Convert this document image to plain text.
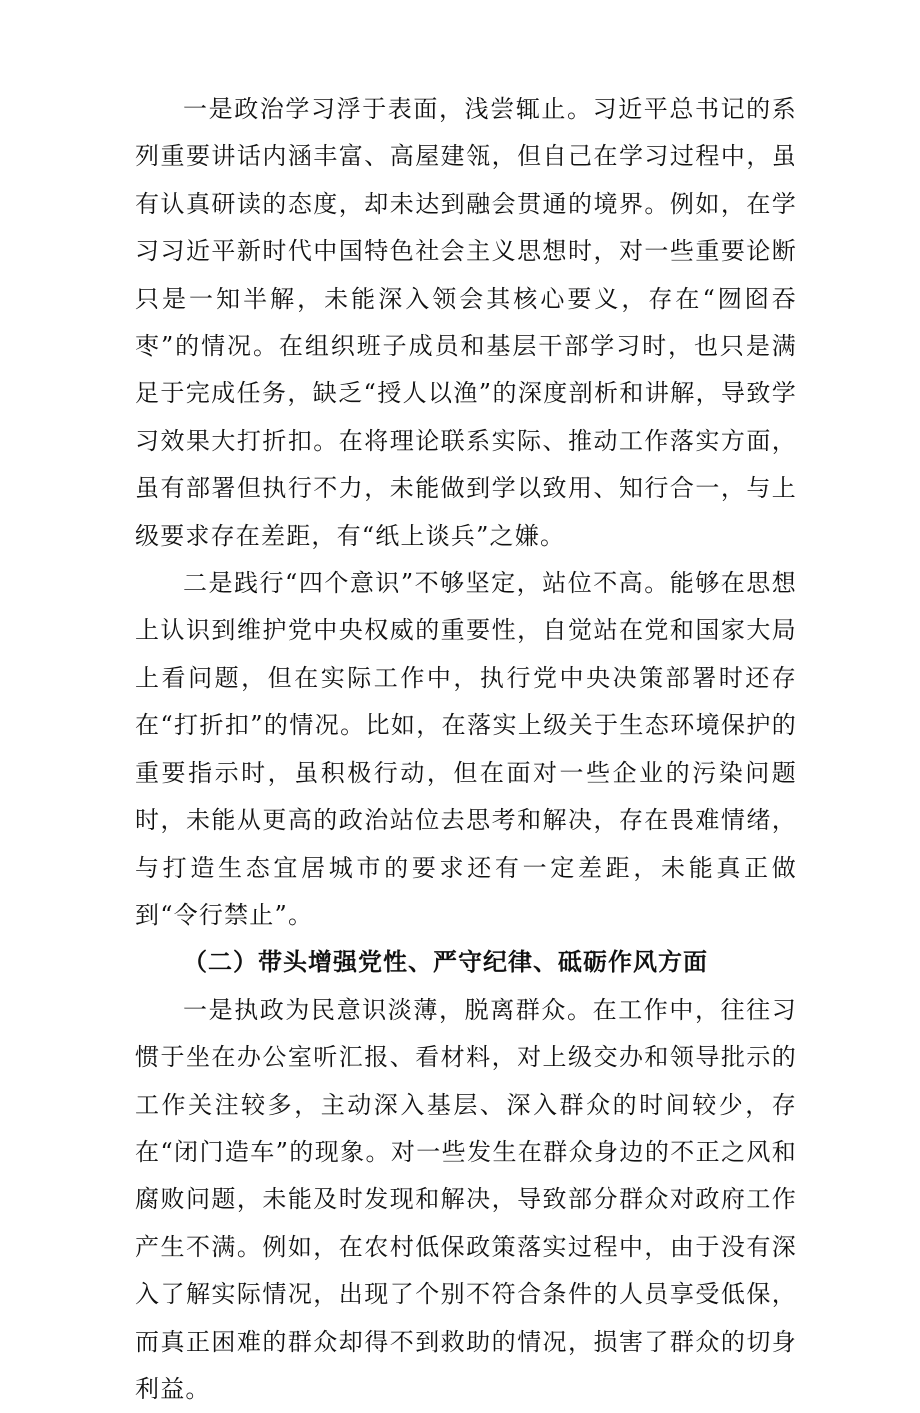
一是政治学习浮于表面，浅尝辄止。习近平总书记的系列重要讲话内涵丰富、高屋建瓴，但自己在学习过程中，虽有认真研读的态度，却未达到融会贯通的境界。例如，在学习习近平新时代中国特色社会主义思想时，对一些重要论断只是一知半解，未能深入领会其核心要义，存在“囫囵吞枣”的情况。在组织班子成员和基层干部学习时，也只是满足于完成任务，缺乏“授人以渔”的深度剖析和讲解，导致学习效果大打折扣。在将理论联系实际、推动工作落实方面，虽有部署但执行不力，未能做到学以致用、知行合一，与上级要求存在差距，有“纸上谈兵”之嫌。

二是践行“四个意识”不够坚定，站位不高。能够在思想上认识到维护党中央权威的重要性，自觉站在党和国家大局上看问题，但在实际工作中，执行党中央决策部署时还存在“打折扣”的情况。比如，在落实上级关于生态环境保护的重要指示时，虽积极行动，但在面对一些企业的污染问题时，未能从更高的政治站位去思考和解决，存在畏难情绪，与打造生态宜居城市的要求还有一定差距，未能真正做到“令行禁止”。

（二）带头增强党性、严守纪律、砥砺作风方面

一是执政为民意识淡薄，脱离群众。在工作中，往往习惯于坐在办公室听汇报、看材料，对上级交办和领导批示的工作关注较多，主动深入基层、深入群众的时间较少，存在“闭门造车”的现象。对一些发生在群众身边的不正之风和腐败问题，未能及时发现和解决，导致部分群众对政府工作产生不满。例如，在农村低保政策落实过程中，由于没有深入了解实际情况，出现了个别不符合条件的人员享受低保，而真正困难的群众却得不到救助的情况，损害了群众的切身利益。
